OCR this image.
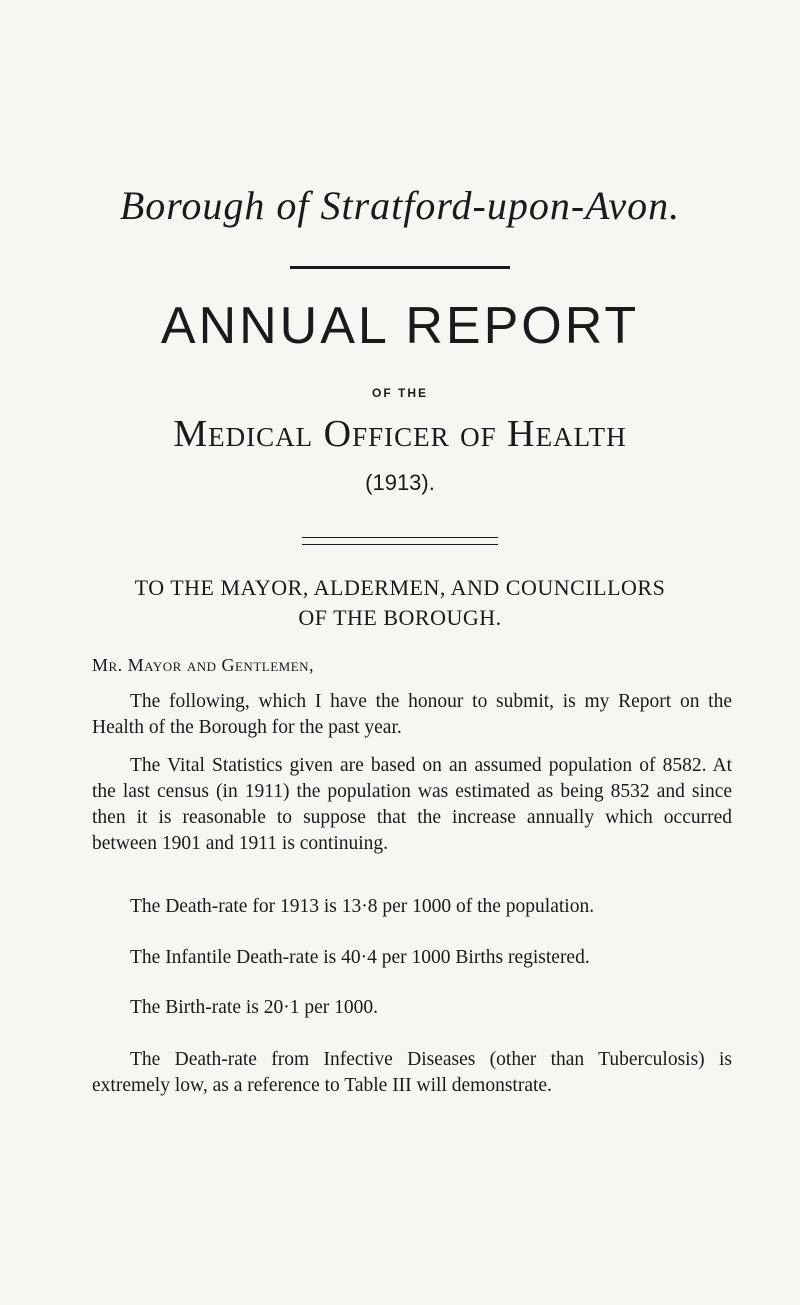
Borough of Stratford-upon-Avon.
ANNUAL REPORT
OF THE
Medical Officer of Health
(1913).
TO THE MAYOR, ALDERMEN, AND COUNCILLORS
OF THE BOROUGH.
Mr. Mayor and Gentlemen,
The following, which I have the honour to submit, is my Report on the Health of the Borough for the past year.
The Vital Statistics given are based on an assumed population of 8582. At the last census (in 1911) the population was estimated as being 8532 and since then it is reasonable to suppose that the increase annually which occurred between 1901 and 1911 is continuing.
The Death-rate for 1913 is 13·8 per 1000 of the population.
The Infantile Death-rate is 40·4 per 1000 Births registered.
The Birth-rate is 20·1 per 1000.
The Death-rate from Infective Diseases (other than Tuberculosis) is extremely low, as a reference to Table III will demonstrate.
